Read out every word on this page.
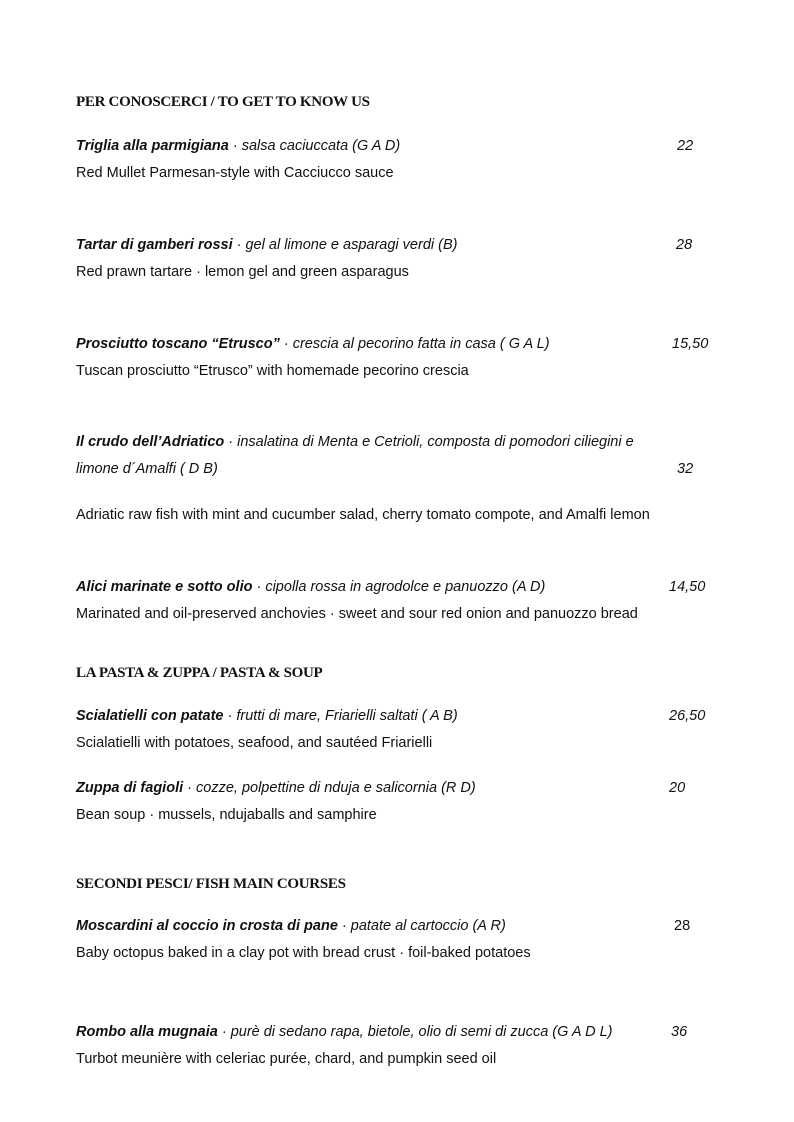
PER CONOSCERCI / TO GET TO KNOW US
Triglia alla parmigiana · salsa caciuccata (G A D)	22
Red Mullet Parmesan-style with Cacciucco sauce
Tartar di gamberi rossi · gel al limone e asparagi verdi (B)	28
Red prawn tartare · lemon gel and green asparagus
Prosciutto toscano “Etrusco” · crescia al pecorino fatta in casa ( G A L)	15,50
Tuscan prosciutto “Etrusco” with homemade pecorino crescia
Il crudo dell’Adriatico · insalatina di Menta e Cetrioli, composta di pomodori ciliegini e
limone d´Amalfi ( D B)	32
Adriatic raw fish with mint and cucumber salad, cherry tomato compote, and Amalfi lemon
Alici marinate e sotto olio · cipolla rossa in agrodolce e panuozzo (A D)	14,50
Marinated and oil-preserved anchovies · sweet and sour red onion and panuozzo bread
LA PASTA & ZUPPA / PASTA & SOUP
Scialatielli con patate · frutti di mare, Friarielli saltati ( A B)	26,50
Scialatielli with potatoes, seafood, and sautéed Friarielli
Zuppa di fagioli · cozze, polpettine di nduja e salicornia (R D)	20
Bean soup · mussels, ndujaballs and samphire
SECONDI PESCI/ FISH MAIN COURSES
Moscardini al coccio in crosta di pane · patate al cartoccio (A R)	28
Baby octopus baked in a clay pot with bread crust · foil-baked potatoes
Rombo alla mugnaia · purè di sedano rapa, bietole, olio di semi di zucca (G A D L)	36
Turbot meunière with celeriac purée, chard, and pumpkin seed oil
